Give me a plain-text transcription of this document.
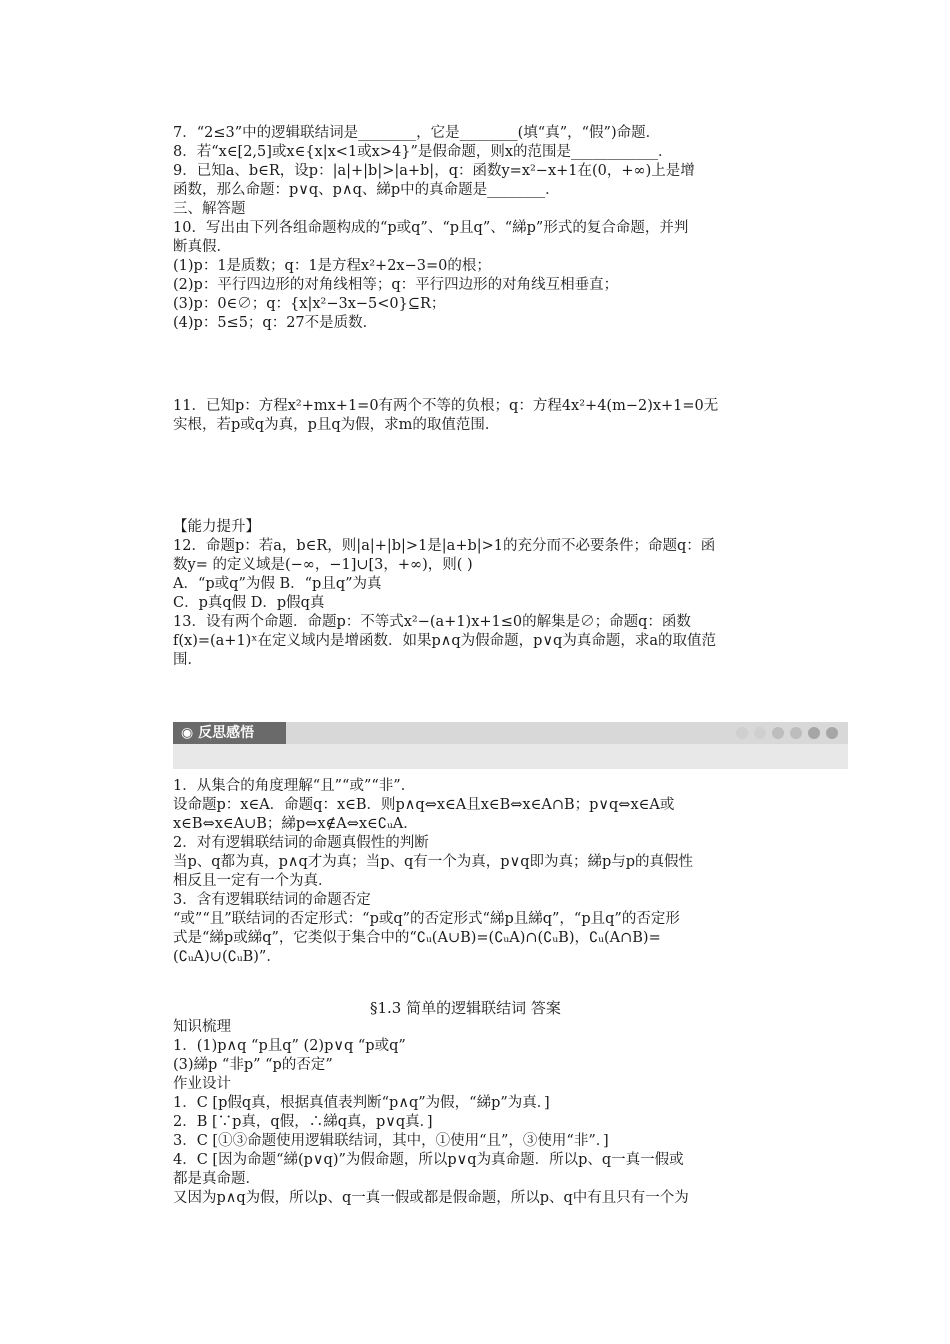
7．“2≤3”中的逻辑联结词是________，它是________(填“真”，“假”)命题．
8．若“x∈[2,5]或x∈{x|x<1或x>4}”是假命题，则x的范围是____________．
9．已知a、b∈R，设p：|a|+|b|>|a+b|，q：函数y=x²−x+1在(0，+∞)上是增
函数，那么命题：p∨q、p∧q、綈p中的真命题是________．
三、解答题
10．写出由下列各组命题构成的“p或q”、“p且q”、“綈p”形式的复合命题，并判
断真假．
(1)p：1是质数；q：1是方程x²+2x−3=0的根；
(2)p：平行四边形的对角线相等；q：平行四边形的对角线互相垂直；
(3)p：0∈∅；q：{x|x²−3x−5<0}⊆R；
(4)p：5≤5；q：27不是质数．
11．已知p：方程x²+mx+1=0有两个不等的负根；q：方程4x²+4(m−2)x+1=0无
实根，若p或q为真，p且q为假，求m的取值范围．
【能力提升】
12．命题p：若a，b∈R，则|a|+|b|>1是|a+b|>1的充分而不必要条件；命题q：函
数y= 的定义域是(−∞，−1]∪[3，+∞)，则( )
A．“p或q”为假 B．“p且q”为真
C．p真q假 D．p假q真
13．设有两个命题．命题p：不等式x²−(a+1)x+1≤0的解集是∅；命题q：函数
f(x)=(a+1)ˣ在定义域内是增函数．如果p∧q为假命题，p∨q为真命题，求a的取值范
围．
1．从集合的角度理解“且”“或”“非”．
设命题p：x∈A．命题q：x∈B．则p∧q⇔x∈A且x∈B⇔x∈A∩B；p∨q⇔x∈A或
x∈B⇔x∈A∪B；綈p⇔x∉A⇔x∈∁ᵤA．
2．对有逻辑联结词的命题真假性的判断
当p、q都为真，p∧q才为真；当p、q有一个为真，p∨q即为真；綈p与p的真假性
相反且一定有一个为真．
3．含有逻辑联结词的命题否定
“或”“且”联结词的否定形式：“p或q”的否定形式“綈p且綈q”，“p且q”的否定形
式是“綈p或綈q”，它类似于集合中的“∁ᵤ(A∪B)=(∁ᵤA)∩(∁ᵤB)，∁ᵤ(A∩B)=
(∁ᵤA)∪(∁ᵤB)”．
知识梳理
1．(1)p∧q “p且q” (2)p∨q “p或q”
(3)綈p “非p” “p的否定”
作业设计
1．C [p假q真，根据真值表判断“p∧q”为假，“綈p”为真．]
2．B [∵p真，q假，∴綈q真，p∨q真．]
3．C [①③命题使用逻辑联结词，其中，①使用“且”，③使用“非”．]
4．C [因为命题“綈(p∨q)”为假命题，所以p∨q为真命题．所以p、q一真一假或
都是真命题．
又因为p∧q为假，所以p、q一真一假或都是假命题，所以p、q中有且只有一个为
◉ 反思感悟
§1.3 简单的逻辑联结词 答案
